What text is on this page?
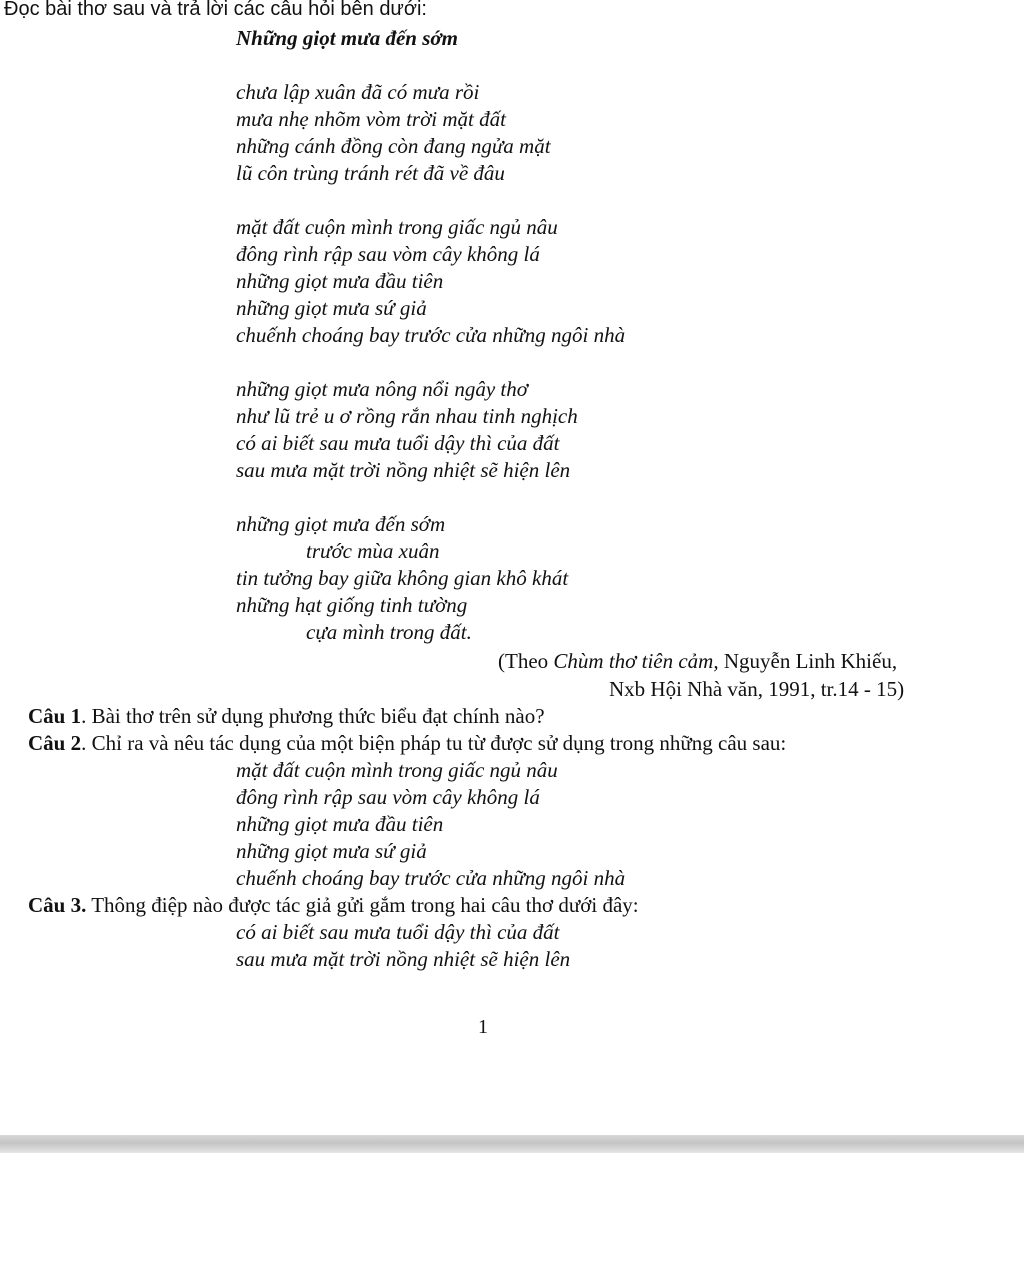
Đọc bài thơ sau và trả lời các câu hỏi bên dưới:
Những giọt mưa đến sớm
chưa lập xuân đã có mưa rồi
mưa nhẹ nhõm vòm trời mặt đất
những cánh đồng còn đang ngửa mặt
lũ côn trùng tránh rét đã về đâu
mặt đất cuộn mình trong giấc ngủ nâu
đông rình rập sau vòm cây không lá
những giọt mưa đầu tiên
những giọt mưa sứ giả
chuếnh choáng bay trước cửa những ngôi nhà
những giọt mưa nông nổi ngây thơ
như lũ trẻ u ơ rồng rắn nhau tinh nghịch
có ai biết sau mưa tuổi dậy thì của đất
sau mưa mặt trời nồng nhiệt sẽ hiện lên
những giọt mưa đến sớm
trước mùa xuân
tin tưởng bay giữa không gian khô khát
những hạt giống tinh tường
cựa mình trong đất.
(Theo Chùm thơ tiên cảm, Nguyễn Linh Khiếu,
Nxb Hội Nhà văn, 1991, tr.14 - 15)
Câu 1. Bài thơ trên sử dụng phương thức biểu đạt chính nào?
Câu 2. Chỉ ra và nêu tác dụng của một biện pháp tu từ được sử dụng trong những câu sau:
mặt đất cuộn mình trong giấc ngủ nâu
đông rình rập sau vòm cây không lá
những giọt mưa đầu tiên
những giọt mưa sứ giả
chuếnh choáng bay trước cửa những ngôi nhà
Câu 3. Thông điệp nào được tác giả gửi gắm trong hai câu thơ dưới đây:
có ai biết sau mưa tuổi dậy thì của đất
sau mưa mặt trời nồng nhiệt sẽ hiện lên
1
